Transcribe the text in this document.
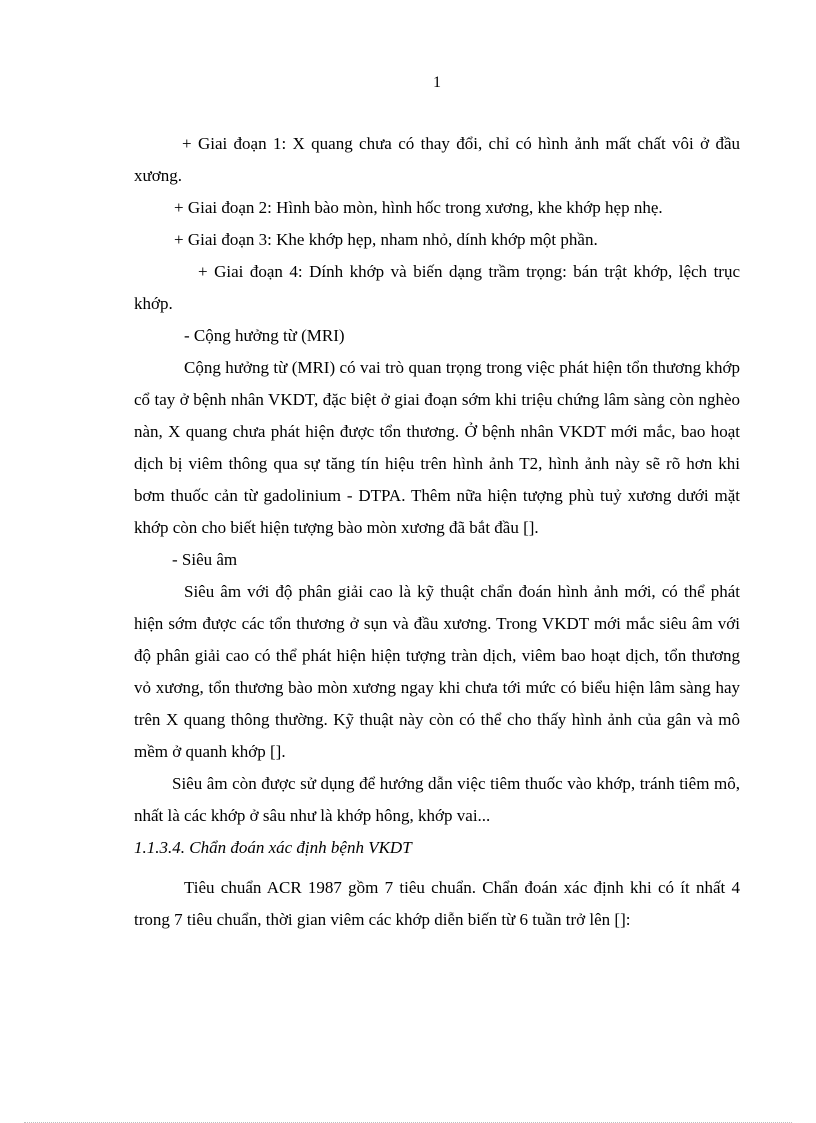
1

+ Giai đoạn 1: X quang chưa có thay đổi, chỉ có hình ảnh mất chất vôi ở đầu xương.

+ Giai đoạn 2: Hình bào mòn, hình hốc trong xương, khe khớp hẹp nhẹ.

+ Giai đoạn 3: Khe khớp hẹp, nham nhỏ, dính khớp một phần.

+ Giai đoạn 4: Dính khớp và biến dạng trầm trọng: bán trật khớp, lệch trục khớp.

- Cộng hưởng từ (MRI)

Cộng hưởng từ (MRI) có vai trò quan trọng trong việc phát hiện tổn thương khớp cổ tay ở bệnh nhân VKDT, đặc biệt ở giai đoạn sớm khi triệu chứng lâm sàng còn nghèo nàn, X quang chưa phát hiện được tổn thương. Ở bệnh nhân VKDT mới mắc, bao hoạt dịch bị viêm thông qua sự tăng tín hiệu trên hình ảnh T2, hình ảnh này sẽ rõ hơn khi bơm thuốc cản từ gadolinium - DTPA. Thêm nữa hiện tượng phù tuỷ xương dưới mặt khớp còn cho biết hiện tượng bào mòn xương đã bắt đầu [].

- Siêu âm

Siêu âm với độ phân giải cao là kỹ thuật chẩn đoán hình ảnh mới, có thể phát hiện sớm được các tổn thương ở sụn và đầu xương. Trong VKDT mới mắc siêu âm với độ phân giải cao có thể phát hiện hiện tượng tràn dịch, viêm bao hoạt dịch, tổn thương vỏ xương, tổn thương bào mòn xương ngay khi chưa tới mức có biểu hiện lâm sàng hay trên X quang thông thường. Kỹ thuật này còn có thể cho thấy hình ảnh của gân và mô mềm ở quanh khớp [].

Siêu âm còn được sử dụng để hướng dẫn việc tiêm thuốc vào khớp, tránh tiêm mô, nhất là các khớp ở sâu như là khớp hông, khớp vai...

1.1.3.4. Chẩn đoán xác định bệnh VKDT

Tiêu chuẩn ACR 1987 gồm 7 tiêu chuẩn. Chẩn đoán xác định khi có ít nhất 4 trong 7 tiêu chuẩn, thời gian viêm các khớp diễn biến từ 6 tuần trở lên []:
